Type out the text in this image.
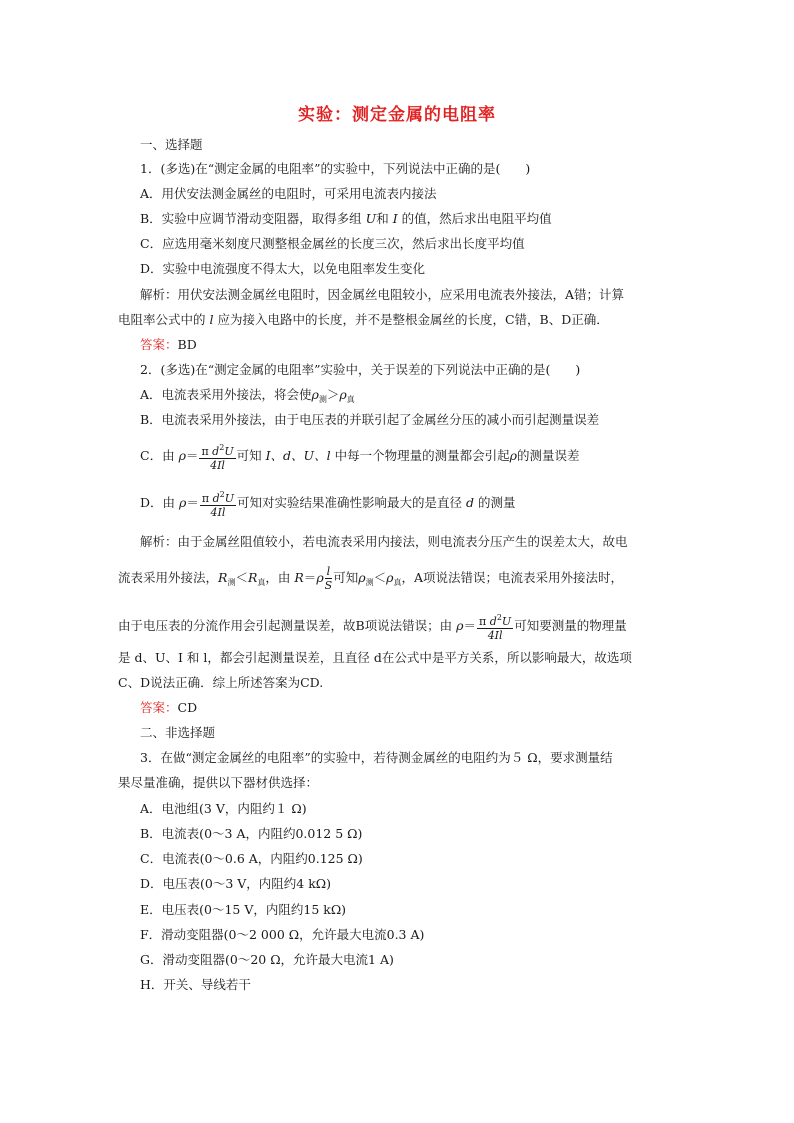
实验：测定金属的电阻率
一、选择题
1．(多选)在“测定金属的电阻率”的实验中，下列说法中正确的是(　　)
A．用伏安法测金属丝的电阻时，可采用电流表内接法
B．实验中应调节滑动变阻器，取得多组 U和 I 的值，然后求出电阻平均值
C．应选用毫米刻度尺测整根金属丝的长度三次，然后求出长度平均值
D．实验中电流强度不得太大，以免电阻率发生变化
解析：用伏安法测金属丝电阻时，因金属丝电阻较小，应采用电流表外接法，A错；计算
电阻率公式中的 l 应为接入电路中的长度，并不是整根金属丝的长度，C错，B、D正确．
答案：BD
2．(多选)在“测定金属的电阻率”实验中，关于误差的下列说法中正确的是(　　)
A．电流表采用外接法，将会使$\rho_测>\rho_真$
B．电流表采用外接法，由于电压表的并联引起了金属丝分压的减小而引起测量误差
C．由 $\rho= \frac{\pi d^2U}{4Il}$ 可知 I、d、U、l 中每一个物理量的测量都会引起ρ的测量误差
D．由 $\rho= \frac{\pi d^2U}{4Il}$ 可知对实验结果准确性影响最大的是直径 d 的测量
解析：由于金属丝阻值较小，若电流表采用内接法，则电流表分压产生的误差太大，故电
流表采用外接法，$R_测<R_真$，由 $R=\rho \frac{l}{S}$ 可知$\rho_测<\rho_真$，A项说法错误；电流表采用外接法时，
由于电压表的分流作用会引起测量误差，故B项说法错误；由 $\rho= \frac{\pi d^2U}{4Il}$ 可知要测量的物理量
是 d、U、I 和 l，都会引起测量误差，且直径 d在公式中是平方关系，所以影响最大，故选项
C、D说法正确．综上所述答案为CD.
答案：CD
二、非选择题
3．在做“测定金属丝的电阻率”的实验中，若待测金属丝的电阻约为５ Ω，要求测量结
果尽量准确，提供以下器材供选择：
A．电池组(3 V，内阻约１ Ω)
B．电流表(0～3 A，内阻约0.012 5 Ω)
C．电流表(0～0.6 A，内阻约0.125 Ω)
D．电压表(0～3 V，内阻约4 kΩ)
E．电压表(0～15 V，内阻约15 kΩ)
F．滑动变阻器(0～2 000 Ω，允许最大电流0.3 A)
G．滑动变阻器(0～20 Ω，允许最大电流1 A)
H．开关、导线若干
